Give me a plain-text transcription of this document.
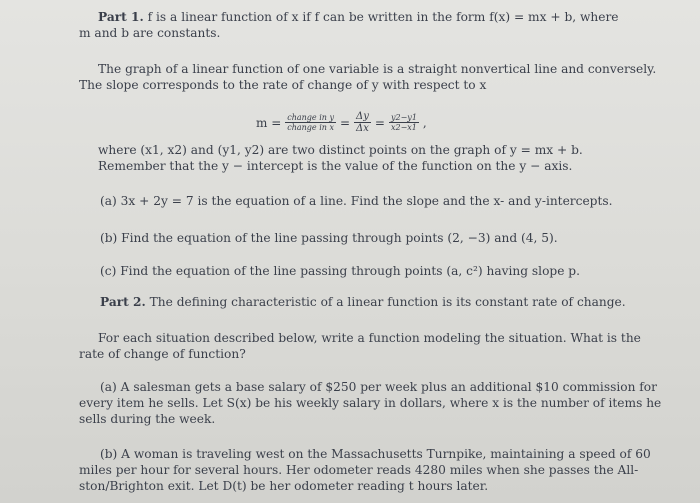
Part 1. f is a linear function of x if f can be written in the form f(x) = mx + b, where
m and b are constants.
The graph of a linear function of one variable is a straight nonvertical line and conversely.
The slope corresponds to the rate of change of y with respect to x
$m = \frac{\text{change in y}}{\text{change in x}} = \frac{\Delta y}{\Delta x} = \frac{y2-y1}{x2-x1}$ ,
where (x1, x2) and (y1, y2) are two distinct points on the graph of y = mx + b.
Remember that the y − intercept is the value of the function on the y − axis.
(a) 3x + 2y = 7 is the equation of a line. Find the slope and the x- and y-intercepts.
(b) Find the equation of the line passing through points (2, −3) and (4, 5).
(c) Find the equation of the line passing through points (a, c²) having slope p.
Part 2. The defining characteristic of a linear function is its constant rate of change.
For each situation described below, write a function modeling the situation. What is the
rate of change of function?
(a) A salesman gets a base salary of $250 per week plus an additional $10 commission for
every item he sells. Let S(x) be his weekly salary in dollars, where x is the number of items he
sells during the week.
(b) A woman is traveling west on the Massachusetts Turnpike, maintaining a speed of 60
miles per hour for several hours. Her odometer reads 4280 miles when she passes the All-
ston/Brighton exit. Let D(t) be her odometer reading t hours later.
